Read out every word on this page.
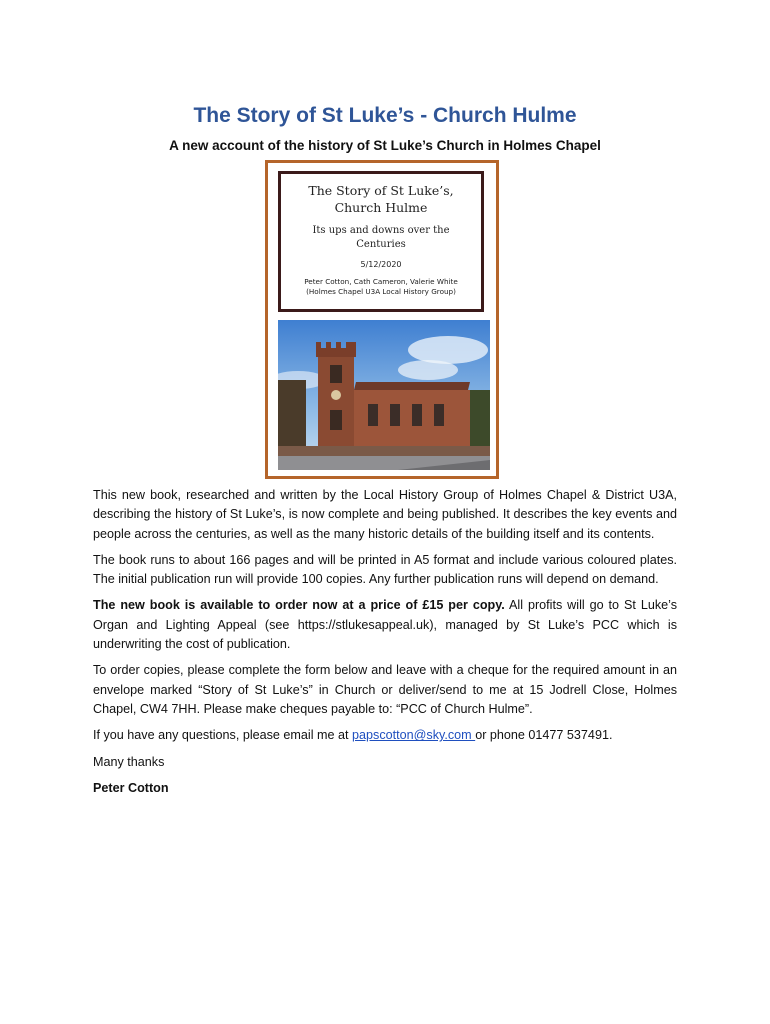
The Story of St Luke’s - Church Hulme
A new account of the history of St Luke’s Church in Holmes Chapel
The Story of St Luke’s,
Church Hulme
Its ups and downs over the
Centuries
5/12/2020
Peter Cotton, Cath Cameron, Valerie White
(Holmes Chapel U3A Local History Group)

This new book, researched and written by the Local History Group of Holmes Chapel & District U3A, describing the history of St Luke’s, is now complete and being published. It describes the key events and people across the centuries, as well as the many historic details of the building itself and its contents.

The book runs to about 166 pages and will be printed in A5 format and include various coloured plates. The initial publication run will provide 100 copies. Any further publication runs will depend on demand.

The new book is available to order now at a price of £15 per copy. All profits will go to St Luke’s Organ and Lighting Appeal (see https://stlukesappeal.uk), managed by St Luke’s PCC which is underwriting the cost of publication.

To order copies, please complete the form below and leave with a cheque for the required amount in an envelope marked “Story of St Luke’s” in Church or deliver/send to me at 15 Jodrell Close, Holmes Chapel, CW4 7HH. Please make cheques payable to: “PCC of Church Hulme”.

If you have any questions, please email me at papscotton@sky.com or phone 01477 537491.

Many thanks

Peter Cotton
